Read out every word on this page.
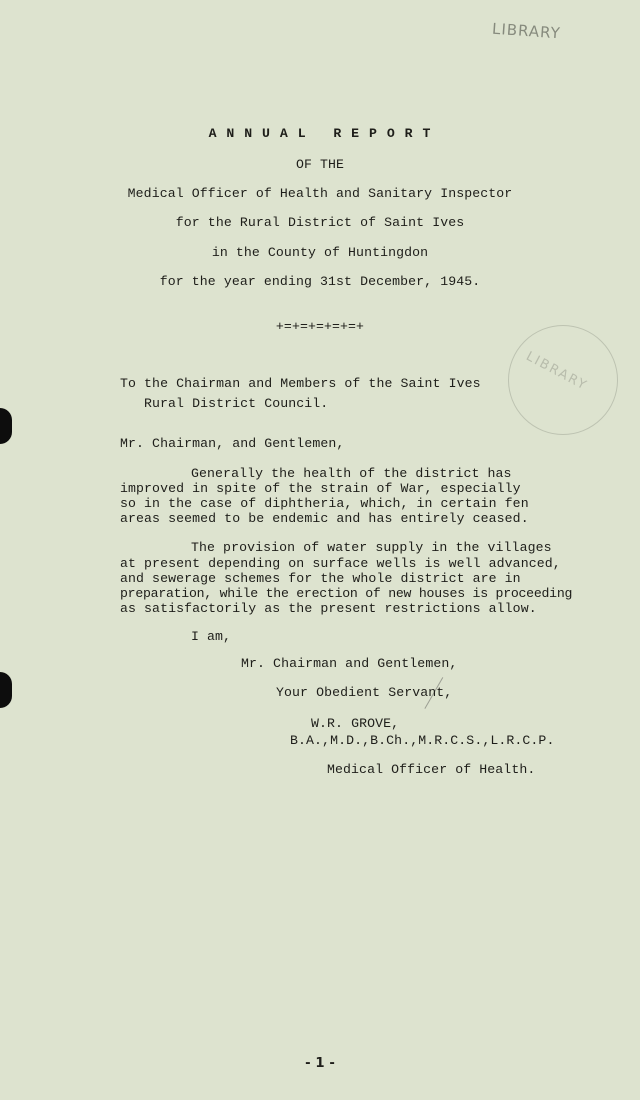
LIBRARY
LIBRARY
A N N U A L   R E P O R T
OF THE
Medical Officer of Health and Sanitary Inspector
for the Rural District of Saint Ives
in the County of Huntingdon
for the year ending 31st December, 1945.
+=+=+=+=+=+
To the Chairman and Members of the Saint Ives
Rural District Council.
Mr. Chairman, and Gentlemen,
Generally the health of the district has
improved in spite of the strain of War, especially
so in the case of diphtheria, which, in certain fen
areas seemed to be endemic and has entirely ceased.
The provision of water supply in the villages
at present depending on surface wells is well advanced,
and sewerage schemes for the whole district are in
preparation, while the erection of new houses is proceeding
as satisfactorily as the present restrictions allow.
I am,
Mr. Chairman and Gentlemen,
Your Obedient Servant,
W.R. GROVE,
B.A.,M.D.,B.Ch.,M.R.C.S.,L.R.C.P.
Medical Officer of Health.
- 1 -
